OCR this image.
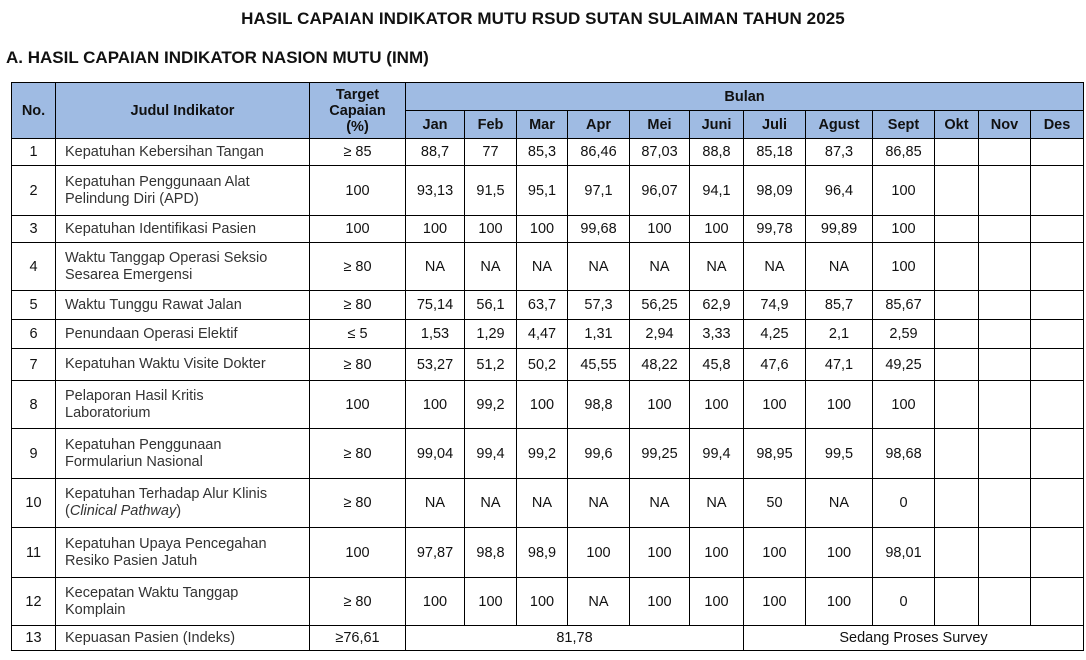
HASIL CAPAIAN INDIKATOR MUTU RSUD SUTAN SULAIMAN TAHUN 2025
A. HASIL CAPAIAN INDIKATOR NASION MUTU (INM)
No.	Judul Indikator	Target
Capaian
(%)	Bulan											
			Jan	Feb	Mar	Apr	Mei	Juni	Juli	Agust	Sept	Okt	Nov	Des
1	Kepatuhan Kebersihan Tangan	≥ 85	88,7	77	85,3	86,46	87,03	88,8	85,18	87,3	86,85			
2	Kepatuhan Penggunaan Alat
Pelindung Diri (APD)	100	93,13	91,5	95,1	97,1	96,07	94,1	98,09	96,4	100			
3	Kepatuhan Identifikasi Pasien	100	100	100	100	99,68	100	100	99,78	99,89	100			
4	Waktu Tanggap Operasi Seksio
Sesarea Emergensi	≥ 80	NA	NA	NA	NA	NA	NA	NA	NA	100			
5	Waktu Tunggu Rawat Jalan	≥ 80	75,14	56,1	63,7	57,3	56,25	62,9	74,9	85,7	85,67			
6	Penundaan Operasi Elektif	≤ 5	1,53	1,29	4,47	1,31	2,94	3,33	4,25	2,1	2,59			
7	Kepatuhan Waktu Visite Dokter	≥ 80	53,27	51,2	50,2	45,55	48,22	45,8	47,6	47,1	49,25			
8	Pelaporan Hasil Kritis
Laboratorium	100	100	99,2	100	98,8	100	100	100	100	100			
9	Kepatuhan Penggunaan
Formulariun Nasional	≥ 80	99,04	99,4	99,2	99,6	99,25	99,4	98,95	99,5	98,68			
10	Kepatuhan Terhadap Alur Klinis
(Clinical Pathway)	≥ 80	NA	NA	NA	NA	NA	NA	50	NA	0			
11	Kepatuhan Upaya Pencegahan
Resiko Pasien Jatuh	100	97,87	98,8	98,9	100	100	100	100	100	98,01			
12	Kecepatan Waktu Tanggap
Komplain	≥ 80	100	100	100	NA	100	100	100	100	0			
13	Kepuasan Pasien (Indeks)	≥76,61	81,78						Sedang Proses Survey					
